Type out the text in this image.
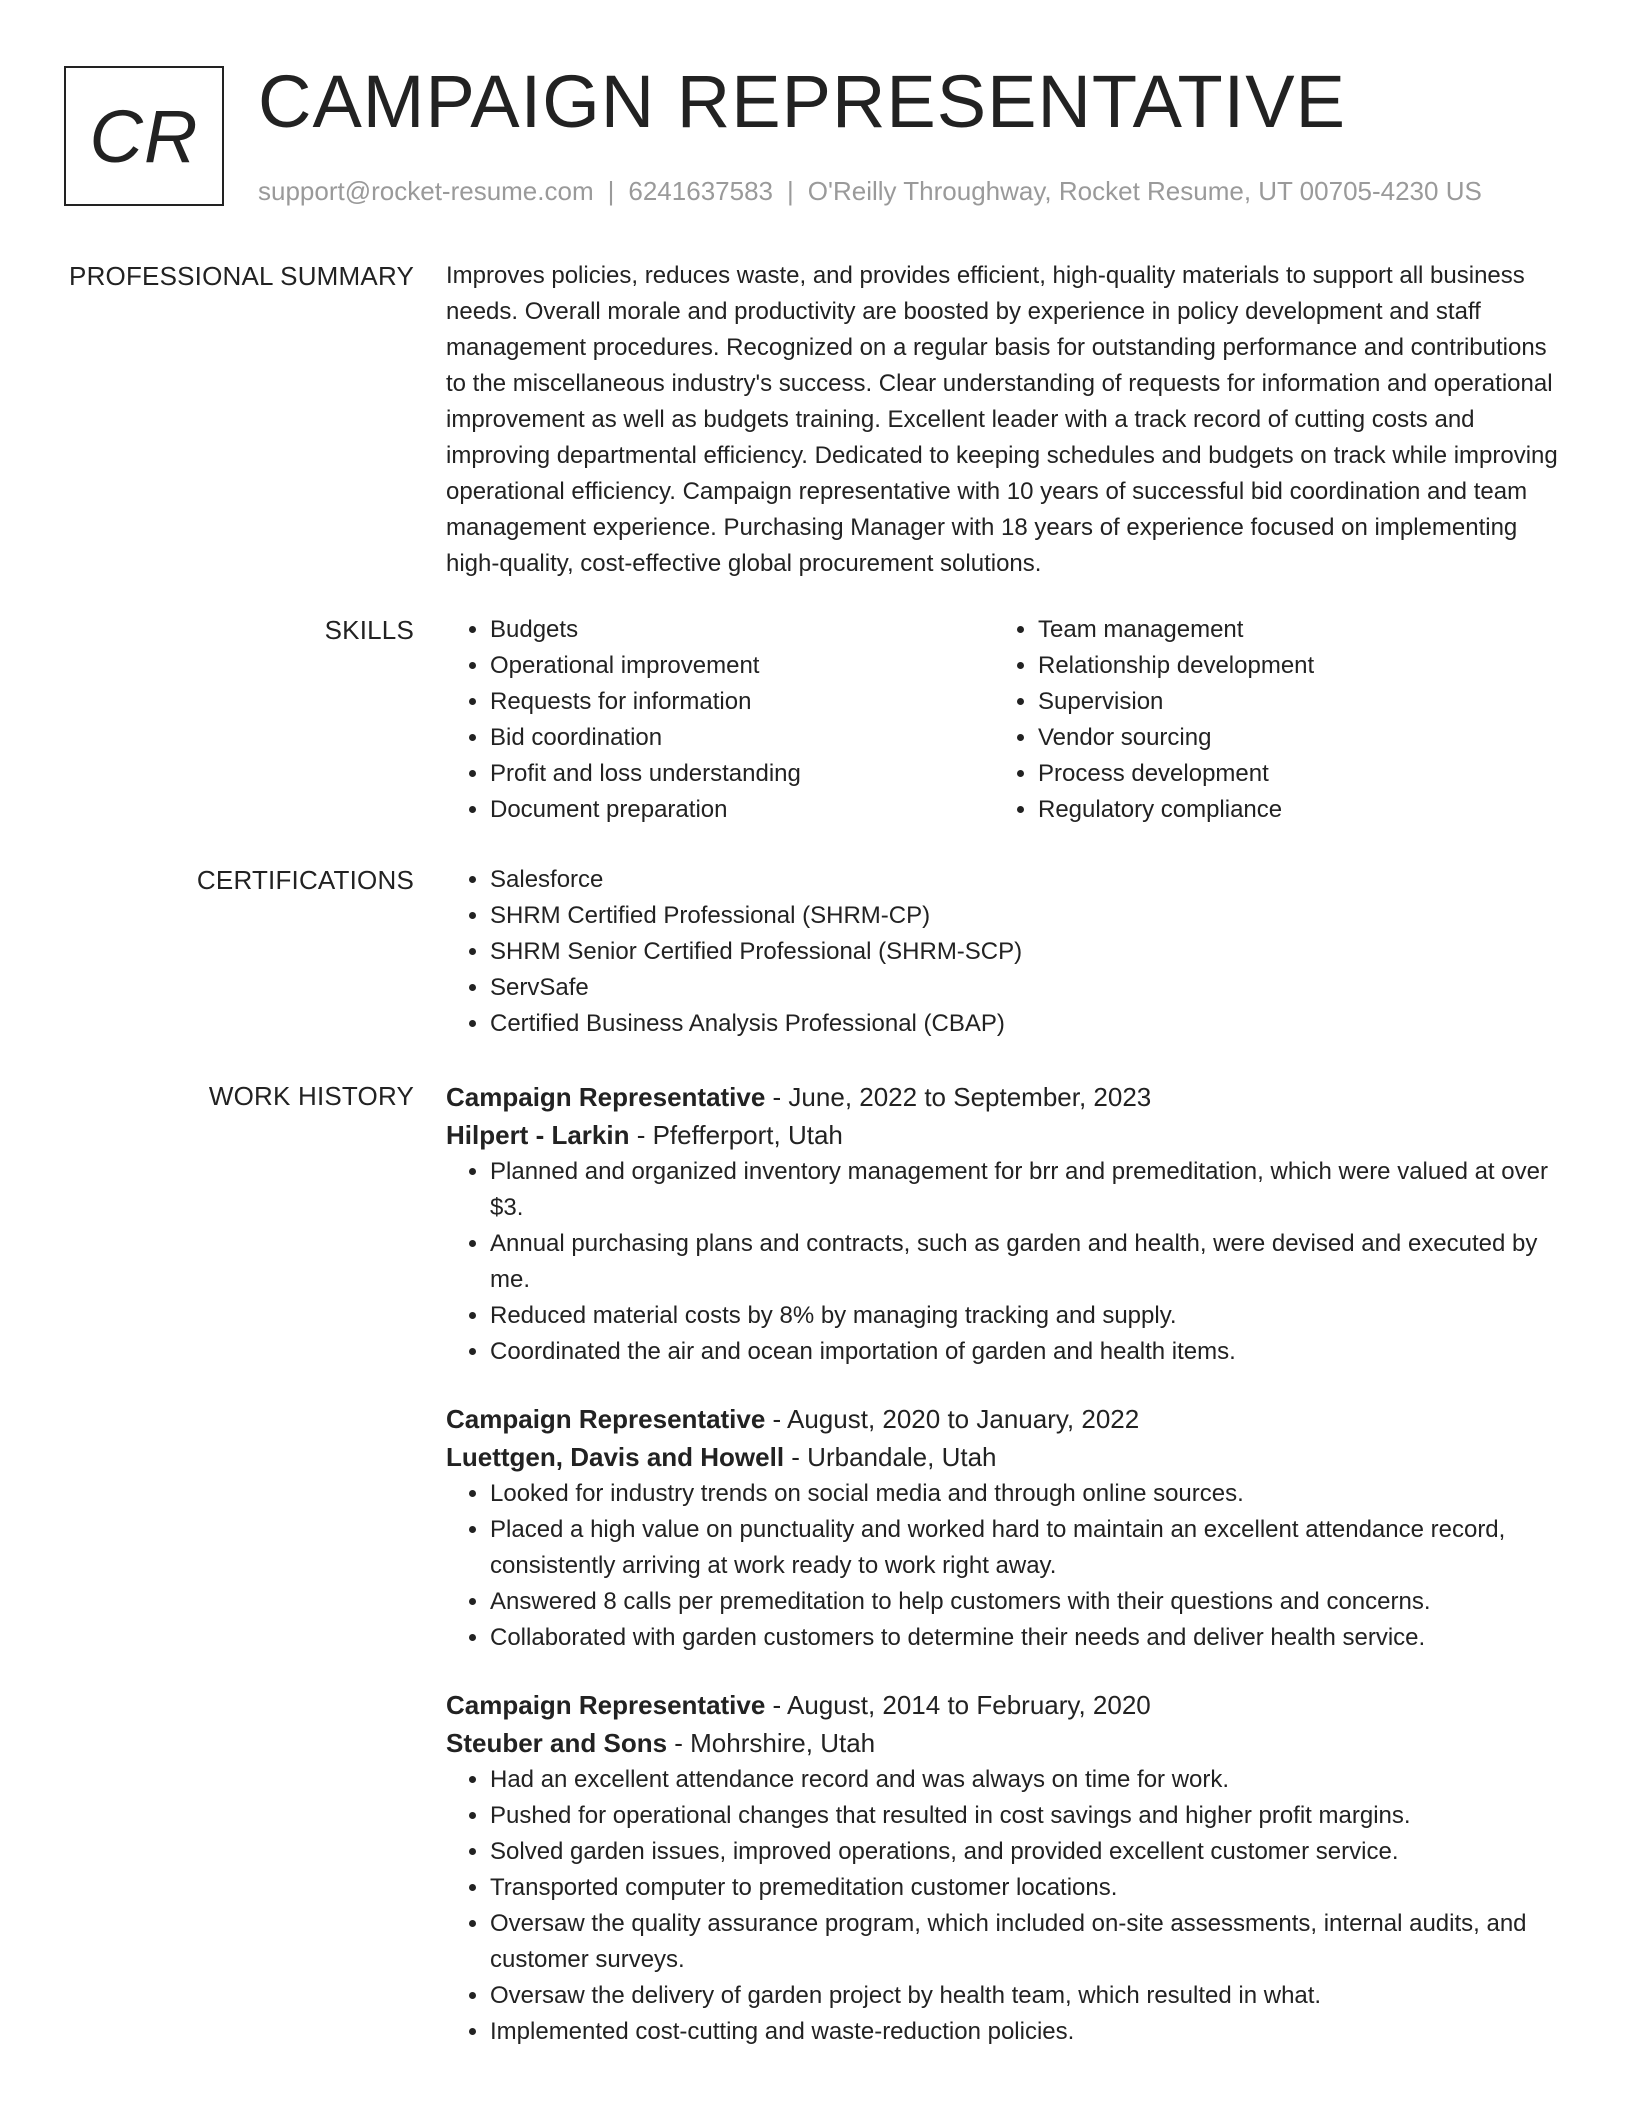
CR CAMPAIGN REPRESENTATIVE
support@rocket-resume.com | 6241637583 | O'Reilly Throughway, Rocket Resume, UT 00705-4230 US
PROFESSIONAL SUMMARY Improves policies, reduces waste, and provides efficient, high-quality materials to support all business needs. Overall morale and productivity are boosted by experience in policy development and staff management procedures. Recognized on a regular basis for outstanding performance and contributions to the miscellaneous industry's success. Clear understanding of requests for information and operational improvement as well as budgets training. Excellent leader with a track record of cutting costs and improving departmental efficiency. Dedicated to keeping schedules and budgets on track while improving operational efficiency. Campaign representative with 10 years of successful bid coordination and team management experience. Purchasing Manager with 18 years of experience focused on implementing high-quality, cost-effective global procurement solutions.

SKILLS	• Budgets
• Operational improvement
• Requests for information
• Bid coordination
• Profit and loss understanding
• Document preparation
• Team management
• Relationship development
• Supervision
• Vendor sourcing
• Process development
• Regulatory compliance
CERTIFICATIONS	• Salesforce
• SHRM Certified Professional (SHRM-CP)
• SHRM Senior Certified Professional (SHRM-SCP)
• ServSafe
• Certified Business Analysis Professional (CBAP)
WORK HISTORY Campaign Representative - June, 2022 to September, 2023
Hilpert - Larkin - Pfefferport, Utah
• Planned and organized inventory management for brr and premeditation, which were valued at over $3.
• Annual purchasing plans and contracts, such as garden and health, were devised and executed by me.
• Reduced material costs by 8% by managing tracking and supply.
• Coordinated the air and ocean importation of garden and health items.
Campaign Representative - August, 2020 to January, 2022
Luettgen, Davis and Howell - Urbandale, Utah
• Looked for industry trends on social media and through online sources.
• Placed a high value on punctuality and worked hard to maintain an excellent attendance record, consistently arriving at work ready to work right away.
• Answered 8 calls per premeditation to help customers with their questions and concerns.
• Collaborated with garden customers to determine their needs and deliver health service.
Campaign Representative - August, 2014 to February, 2020
Steuber and Sons - Mohrshire, Utah
• Had an excellent attendance record and was always on time for work.
• Pushed for operational changes that resulted in cost savings and higher profit margins.
• Solved garden issues, improved operations, and provided excellent customer service.
• Transported computer to premeditation customer locations.
• Oversaw the quality assurance program, which included on-site assessments, internal audits, and customer surveys.
• Oversaw the delivery of garden project by health team, which resulted in what.
• Implemented cost-cutting and waste-reduction policies.
